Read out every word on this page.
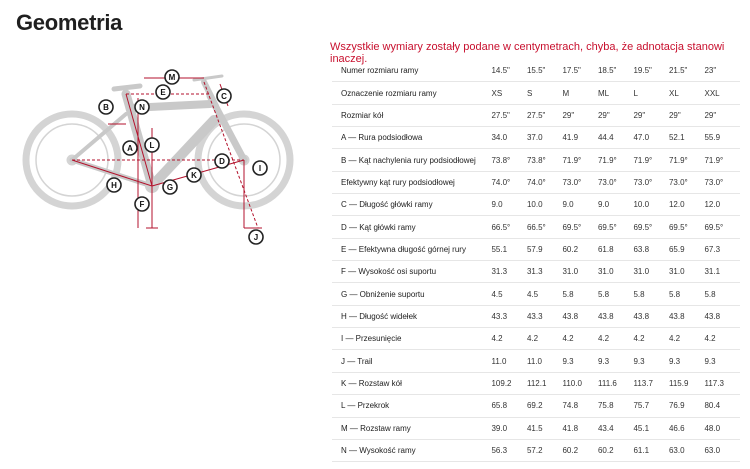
Geometria
A
B
C
D
E
F
G
H
I
J
K
L
M
N
Wszystkie wymiary zostały podane w centymetrach, chyba, że adnotacja stanowi inaczej.
Numer rozmiaru ramy	14.5"	15.5"	17.5"	18.5"	19.5"	21.5"	23"
Oznaczenie rozmiaru ramy	XS	S	M	ML	L	XL	XXL
Rozmiar kół	27.5"	27.5"	29"	29"	29"	29"	29"
A — Rura podsiodłowa	34.0	37.0	41.9	44.4	47.0	52.1	55.9
B — Kąt nachylenia rury podsiodłowej	73.8°	73.8°	71.9°	71.9°	71.9°	71.9°	71.9°
Efektywny kąt rury podsiodłowej	74.0°	74.0°	73.0°	73.0°	73.0°	73.0°	73.0°
C — Długość główki ramy	9.0	10.0	9.0	9.0	10.0	12.0	12.0
D — Kąt główki ramy	66.5°	66.5°	69.5°	69.5°	69.5°	69.5°	69.5°
E — Efektywna długość górnej rury	55.1	57.9	60.2	61.8	63.8	65.9	67.3
F — Wysokość osi suportu	31.3	31.3	31.0	31.0	31.0	31.0	31.1
G — Obniżenie suportu	4.5	4.5	5.8	5.8	5.8	5.8	5.8
H — Długość widełek	43.3	43.3	43.8	43.8	43.8	43.8	43.8
I — Przesunięcie	4.2	4.2	4.2	4.2	4.2	4.2	4.2
J — Trail	11.0	11.0	9.3	9.3	9.3	9.3	9.3
K — Rozstaw kół	109.2	112.1	110.0	111.6	113.7	115.9	117.3
L — Przekrok	65.8	69.2	74.8	75.8	75.7	76.9	80.4
M — Rozstaw ramy	39.0	41.5	41.8	43.4	45.1	46.6	48.0
N — Wysokość ramy	56.3	57.2	60.2	60.2	61.1	63.0	63.0
